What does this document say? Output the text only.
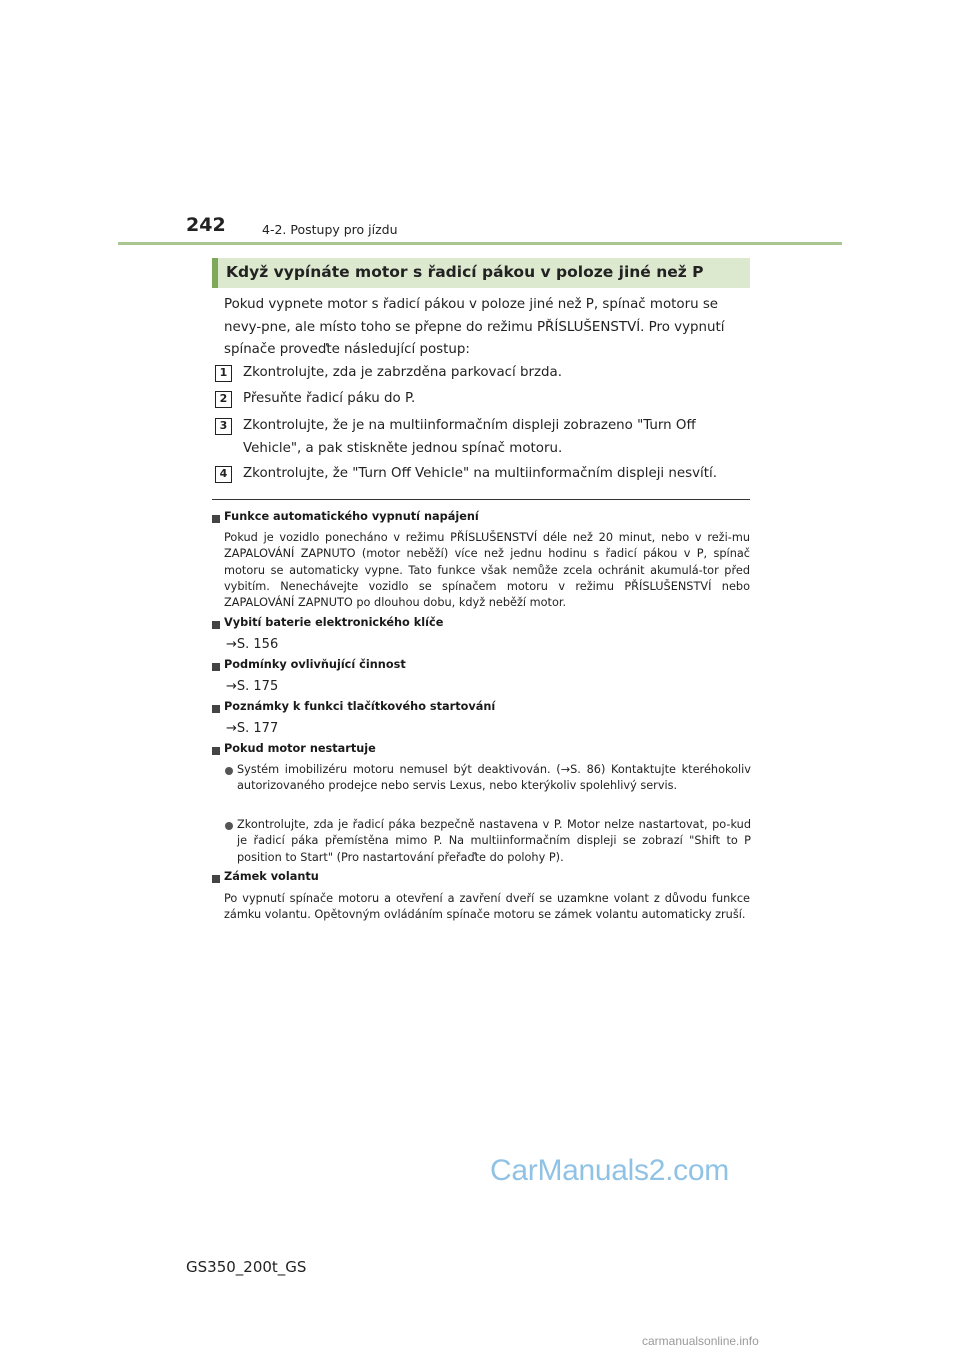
242	4-2. Postupy pro jízdu
Když vypínáte motor s řadicí pákou v poloze jiné než P
Pokud vypnete motor s řadicí pákou v poloze jiné než P, spínač motoru se nevy-pne, ale místo toho se přepne do režimu PŘÍSLUŠENSTVÍ. Pro vypnutí spínače proveďte následující postup:
1	Zkontrolujte, zda je zabrzděna parkovací brzda.
2	Přesuňte řadicí páku do P.
3	Zkontrolujte, že je na multiinformačním displeji zobrazeno "Turn Off Vehicle", a pak stiskněte jednou spínač motoru.
4	Zkontrolujte, že "Turn Off Vehicle" na multiinformačním displeji nesvítí.
Funkce automatického vypnutí napájení
Pokud je vozidlo ponecháno v režimu PŘÍSLUŠENSTVÍ déle než 20 minut, nebo v reži-mu ZAPALOVÁNÍ ZAPNUTO (motor neběží) více než jednu hodinu s řadicí pákou v P, spínač motoru se automaticky vypne. Tato funkce však nemůže zcela ochránit akumulá-tor před vybitím. Nenechávejte vozidlo se spínačem motoru v režimu PŘÍSLUŠENSTVÍ nebo ZAPALOVÁNÍ ZAPNUTO po dlouhou dobu, když neběží motor.
Vybití baterie elektronického klíče
→S. 156
Podmínky ovlivňující činnost
→S. 175
Poznámky k funkci tlačítkového startování
→S. 177
Pokud motor nestartuje
Systém imobilizéru motoru nemusel být deaktivován. (→S. 86) Kontaktujte kteréhokoliv autorizovaného prodejce nebo servis Lexus, nebo kterýkoliv spolehlivý servis.
Zkontrolujte, zda je řadicí páka bezpečně nastavena v P. Motor nelze nastartovat, po-kud je řadicí páka přemístěna mimo P. Na multiinformačním displeji se zobrazí "Shift to P position to Start" (Pro nastartování přeřaďte do polohy P).
Zámek volantu
Po vypnutí spínače motoru a otevření a zavření dveří se uzamkne volant z důvodu funkce zámku volantu. Opětovným ovládáním spínače motoru se zámek volantu automaticky zruší.
CarManuals2.com
GS350_200t_GS
carmanualsonline.info
